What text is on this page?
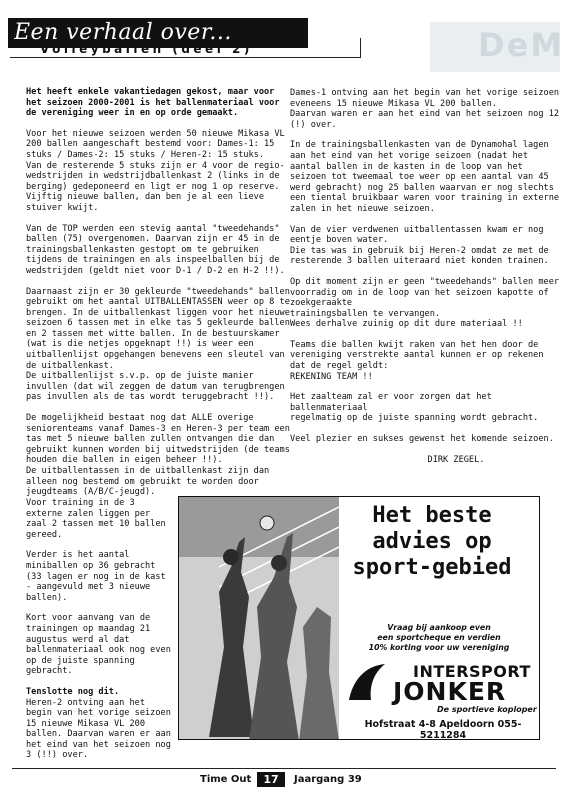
DeM
Een verhaal over...
Volleyballen (deel 2)

Het heeft enkele vakantiedagen gekost, maar voor het seizoen 2000-2001 is het ballenmateriaal voor de vereniging weer in en op orde gemaakt.

Voor het nieuwe seizoen werden 50 nieuwe Mikasa VL 200 ballen aangeschaft bestemd voor: Dames-1: 15 stuks / Dames-2: 15 stuks / Heren-2: 15 stuks.
Van de resterende 5 stuks zijn er 4 voor de regio-wedstrijden in wedstrijdballenkast 2 (links in de berging) gedeponeerd en ligt er nog 1 op reserve.
Vijftig nieuwe ballen, dan ben je al een lieve stuiver kwijt.

Van de TOP werden een stevig aantal "tweedehands" ballen (75) overgenomen. Daarvan zijn er 45 in de trainingsballenkasten gestopt om te gebruiken tijdens de trainingen en als inspeelballen bij de wedstrijden (geldt niet voor D-1 / D-2 en H-2 !!).

Daarnaast zijn er 30 gekleurde "tweedehands" ballen gebruikt om het aantal UITBALLENTASSEN weer op 8 te brengen. In de uitballenkast liggen voor het nieuwe seizoen 6 tassen met in elke tas 5 gekleurde ballen en 2 tassen met witte ballen. In de bestuurskamer (wat is die netjes opgeknapt !!) is weer een uitballenlijst opgehangen benevens een sleutel van de uitballenkast.
De uitballenlijst s.v.p. op de juiste manier invullen (dat wil zeggen de datum van terugbrengen pas invullen als de tas wordt teruggebracht !!).

De mogelijkheid bestaat nog dat ALLE overige seniorenteams vanaf Dames-3 en Heren-3 per team een tas met 5 nieuwe ballen zullen ontvangen die dan gebruikt kunnen worden bij uitwedstrijden (de teams houden die ballen in eigen beheer !!).
De uitballentassen in de uitballenkast zijn dan alleen nog bestemd om gebruikt te worden door jeugdteams (A/B/C-jeugd).

Voor training in de 3 externe zalen liggen per zaal 2 tassen met 10 ballen gereed.

Verder is het aantal miniballen op 36 gebracht (33 lagen er nog in de kast - aangevuld met 3 nieuwe ballen).

Kort voor aanvang van de trainingen op maandag 21 augustus werd al dat ballenmateriaal ook nog even op de juiste spanning gebracht.

Tenslotte nog dit.

Heren-2 ontving aan het begin van het vorige seizoen 15 nieuwe Mikasa VL 200 ballen. Daarvan waren er aan het eind van het seizoen nog 3 (!!) over.

Dames-1 ontving aan het begin van het vorige seizoen eveneens 15 nieuwe Mikasa VL 200 ballen.
Daarvan waren er aan het eind van het seizoen nog 12 (!) over.

In de trainingsballenkasten van de Dynamohal lagen aan het eind van het vorige seizoen (nadat het aantal ballen in de kasten in de loop van het seizoen tot tweemaal toe weer op een aantal van 45 werd gebracht) nog 25 ballen waarvan er nog slechts een tiental bruikbaar waren voor training in externe zalen in het nieuwe seizoen.

Van de vier verdwenen uitballentassen kwam er nog eentje boven water.
Die tas was in gebruik bij Heren-2 omdat ze met de resterende 3 ballen uiteraard niet konden trainen.

Op dit moment zijn er geen "tweedehands" ballen meer voorradig om in de loop van het seizoen kapotte of zoekgeraakte
trainingsballen te vervangen.
Wees derhalve zuinig op dit dure materiaal !!

Teams die ballen kwijt raken van het hen door de vereniging verstrekte aantal kunnen er op rekenen dat de regel geldt:
REKENING TEAM !!

Het zaalteam zal er voor zorgen dat het ballenmateriaal
regelmatig op de juiste spanning wordt gebracht.

Veel plezier en sukses gewenst het komende seizoen.

DIRK ZEGEL.

Het beste advies op sport-gebied
Vraag bij aankoop even
een sportcheque en verdien
10% korting voor uw vereniging
INTERSPORT
JONKER
De sportieve koploper
Hofstraat 4-8 Apeldoorn 055-5211284
Time Out	17	Jaargang 39
